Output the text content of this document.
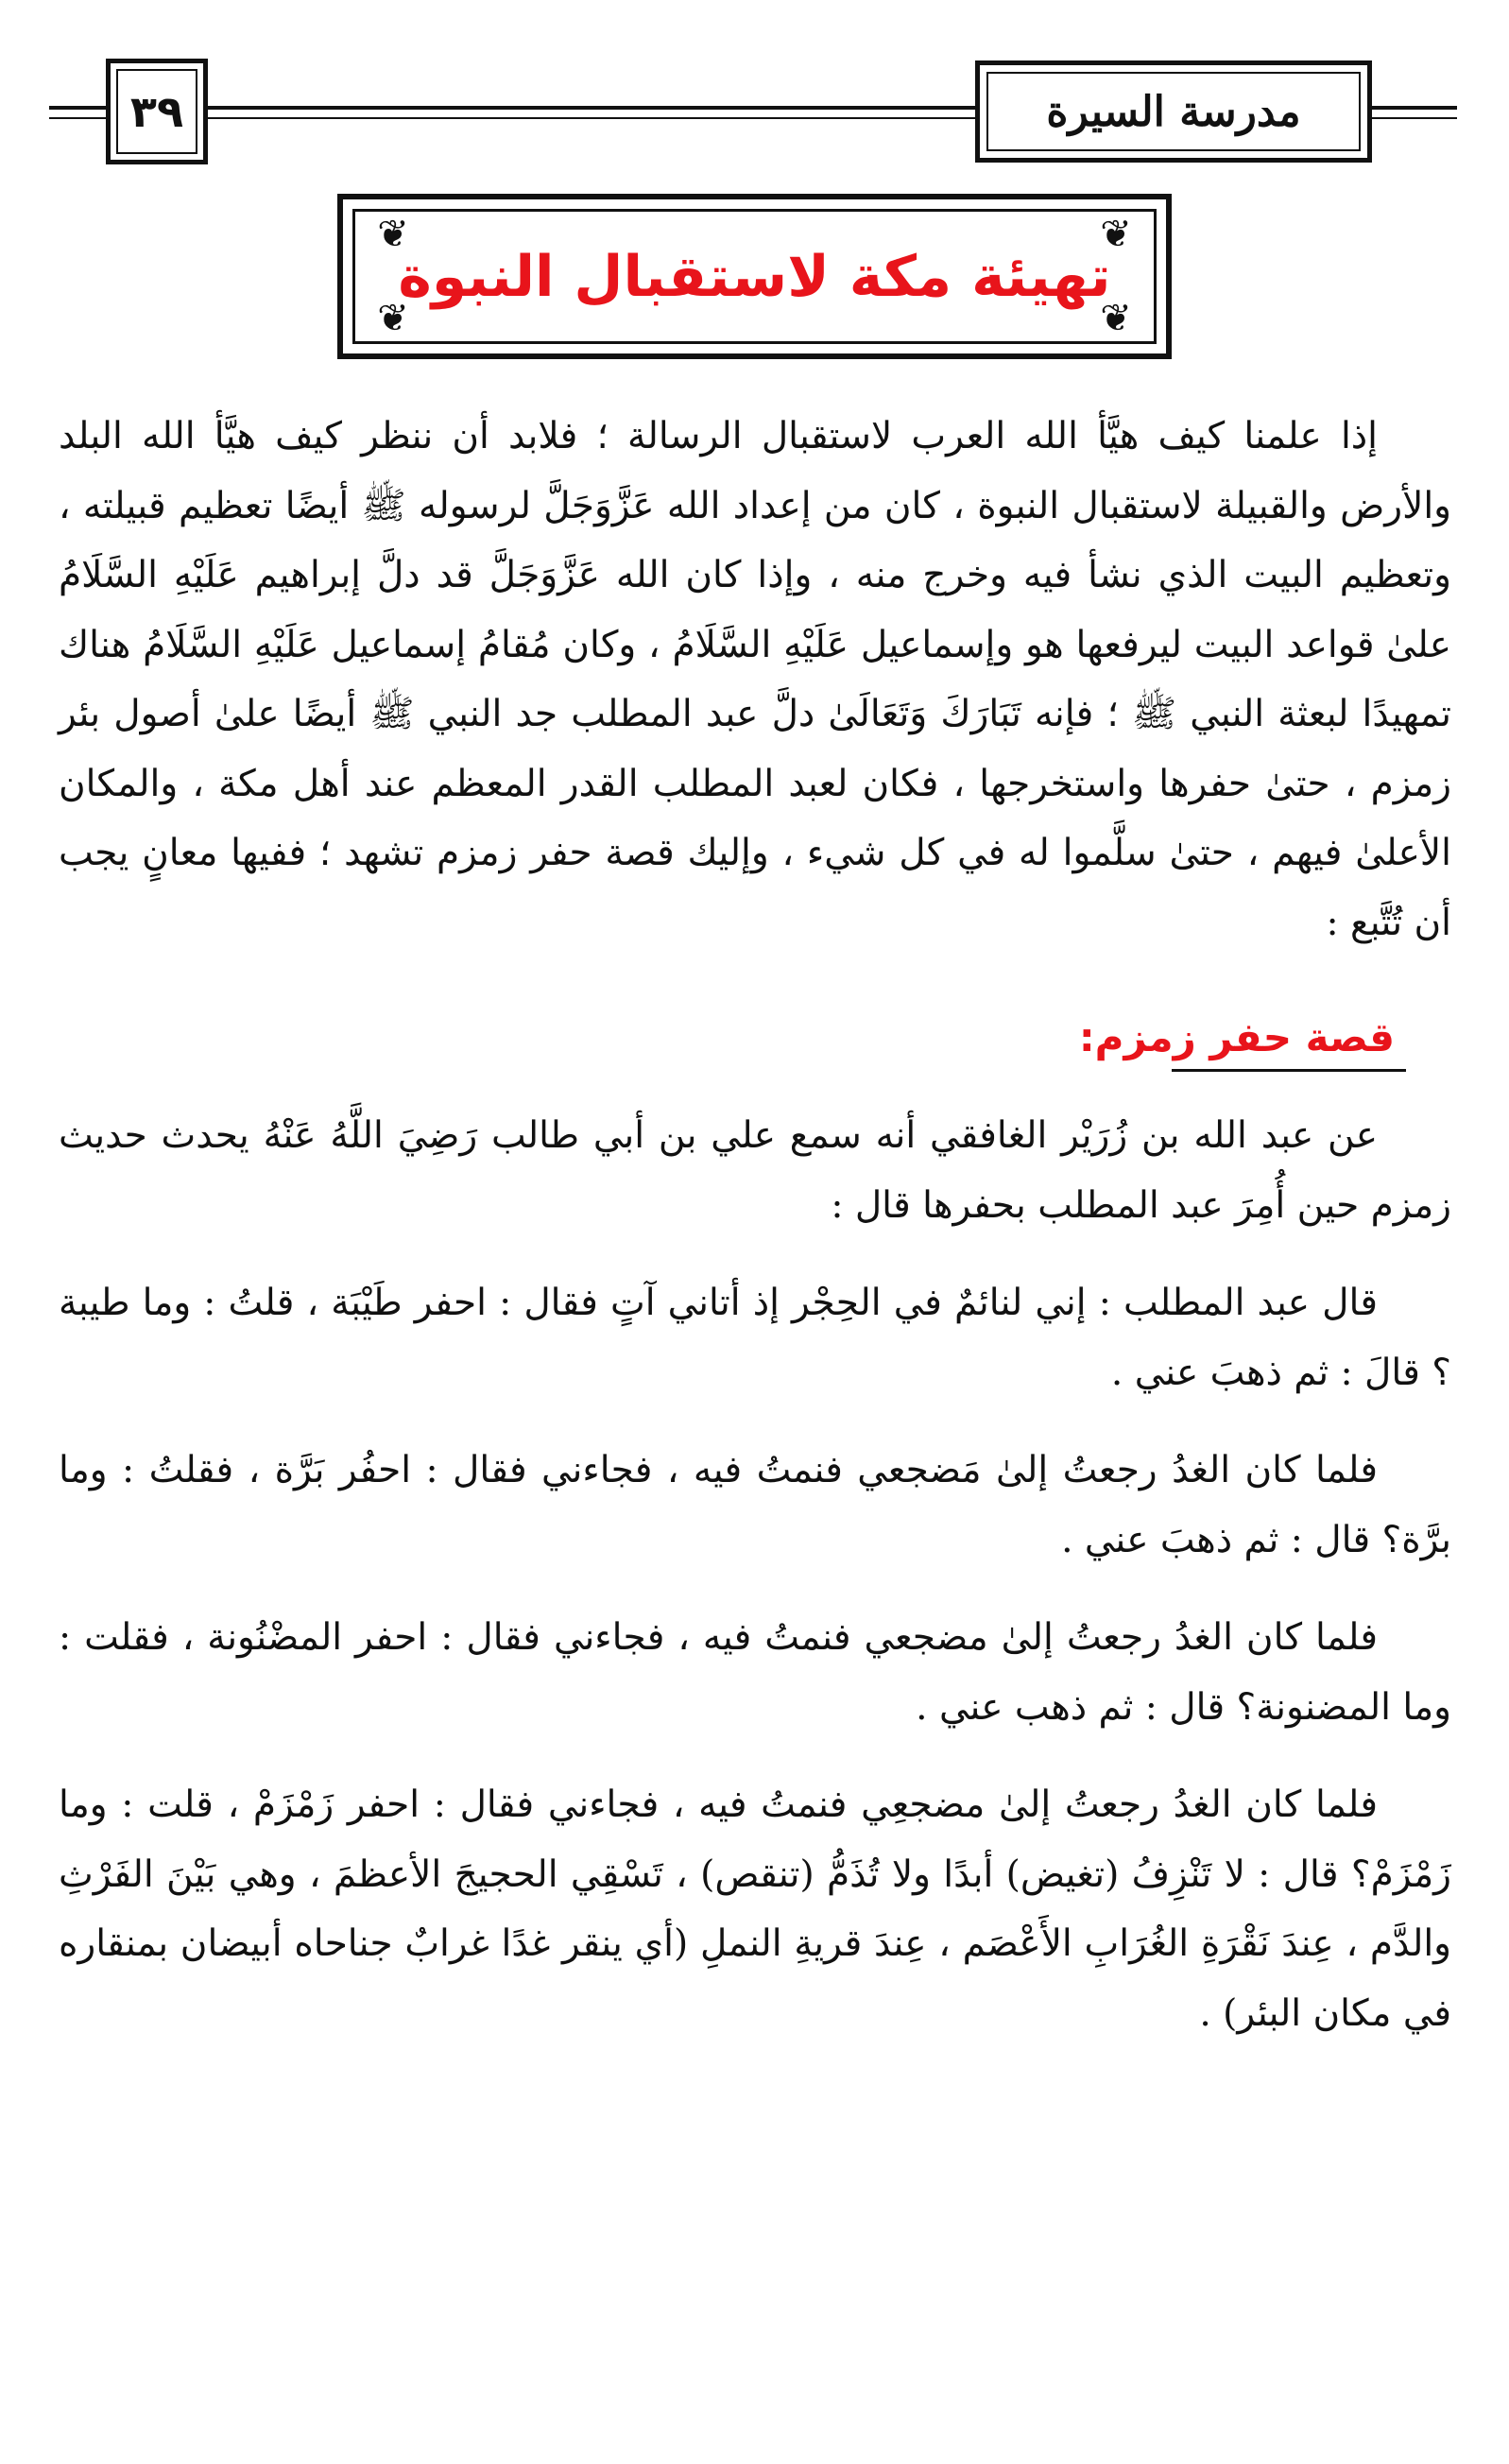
٣٩	مدرسة السيرة
❦	❦
❦	❦
تهيئة مكة لاستقبال النبوة

إذا علمنا كيف هيَّأ الله العرب لاستقبال الرسالة ؛ فلابد أن ننظر كيف هيَّأ الله البلد والأرض والقبيلة لاستقبال النبوة ، كان من إعداد الله عَزَّوَجَلَّ لرسوله ﷺ أيضًا تعظيم قبيلته ، وتعظيم البيت الذي نشأ فيه وخرج منه ، وإذا كان الله عَزَّوَجَلَّ قد دلَّ إبراهيم عَلَيْهِ السَّلَامُ علىٰ قواعد البيت ليرفعها هو وإسماعيل عَلَيْهِ السَّلَامُ ، وكان مُقامُ إسماعيل عَلَيْهِ السَّلَامُ هناك تمهيدًا لبعثة النبي ﷺ ؛ فإنه تَبَارَكَ وَتَعَالَىٰ دلَّ عبد المطلب جد النبي ﷺ أيضًا علىٰ أصول بئر زمزم ، حتىٰ حفرها واستخرجها ، فكان لعبد المطلب القدر المعظم عند أهل مكة ، والمكان الأعلىٰ فيهم ، حتىٰ سلَّموا له في كل شيء ، وإليك قصة حفر زمزم تشهد ؛ ففيها معانٍ يجب أن تُتَّبع :

قصة حفر زمزم:

عن عبد الله بن زُرَيْر الغافقي أنه سمع علي بن أبي طالب رَضِيَ اللَّهُ عَنْهُ يحدث حديث زمزم حين أُمِرَ عبد المطلب بحفرها قال :

قال عبد المطلب : إني لنائمٌ في الحِجْر إذ أتاني آتٍ فقال : احفر طَيْبَة ، قلتُ : وما طيبة ؟ قالَ : ثم ذهبَ عني .

فلما كان الغدُ رجعتُ إلىٰ مَضجعي فنمتُ فيه ، فجاءني فقال : احفُر بَرَّة ، فقلتُ : وما برَّة؟ قال : ثم ذهبَ عني .

فلما كان الغدُ رجعتُ إلىٰ مضجعي فنمتُ فيه ، فجاءني فقال : احفر المضْنُونة ، فقلت : وما المضنونة؟ قال : ثم ذهب عني .

فلما كان الغدُ رجعتُ إلىٰ مضجعِي فنمتُ فيه ، فجاءني فقال : احفر زَمْزَمْ ، قلت : وما زَمْزَمْ؟ قال : لا تَنْزِفُ (تغيض) أبدًا ولا تُذَمُّ (تنقص) ، تَسْقِي الحجيجَ الأعظمَ ، وهي بَيْنَ الفَرْثِ والدَّم ، عِندَ نَقْرَةِ الغُرَابِ الأَعْصَم ، عِندَ قريةِ النملِ (أي ينقر غدًا غرابٌ جناحاه أبيضان بمنقاره في مكان البئر) .
